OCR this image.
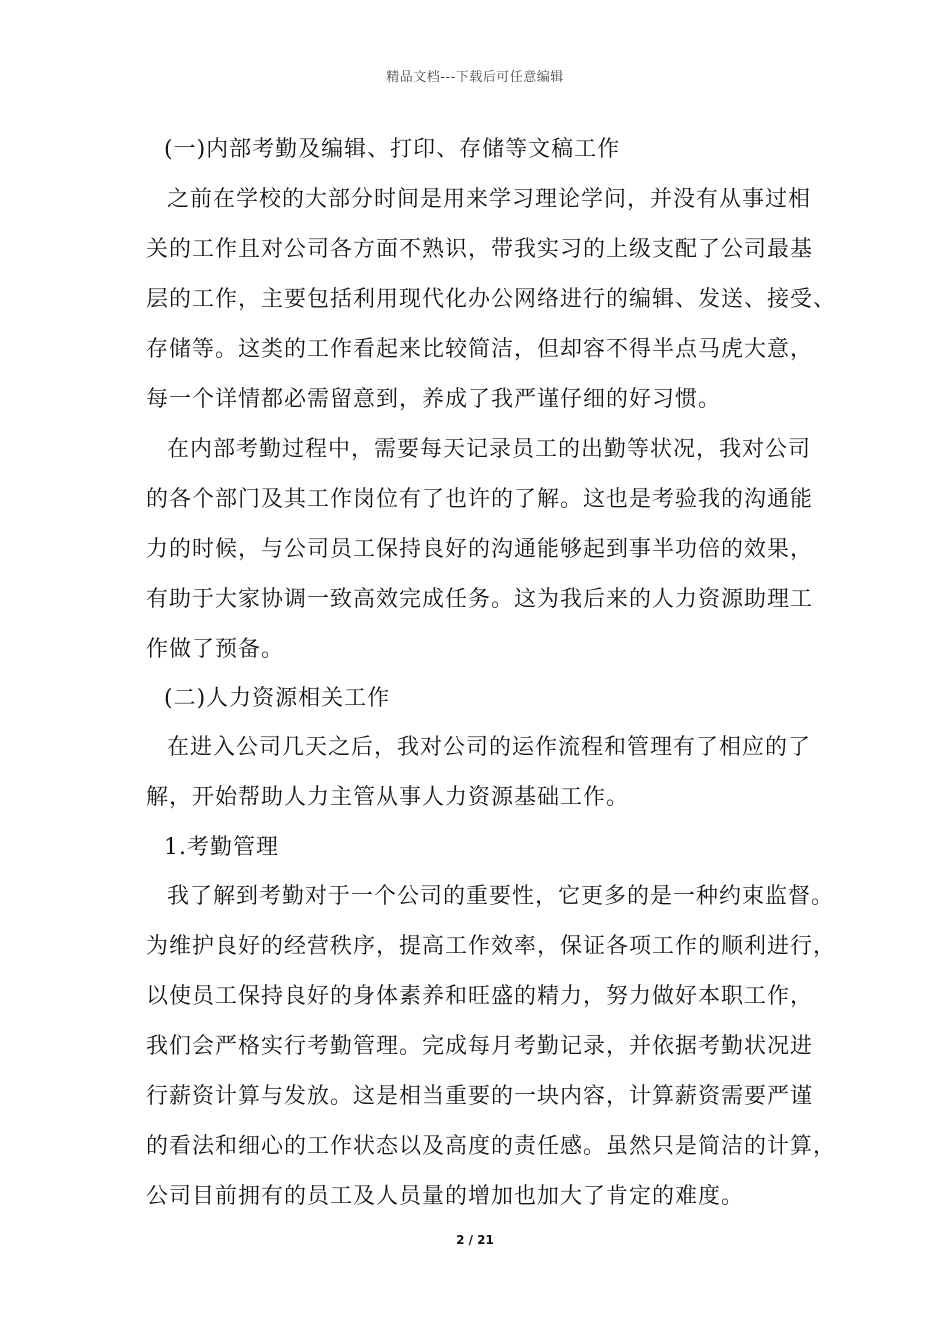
精品文档---下载后可任意编辑
(一)内部考勤及编辑、打印、存储等文稿工作
之前在学校的大部分时间是用来学习理论学问，并没有从事过相
关的工作且对公司各方面不熟识，带我实习的上级支配了公司最基
层的工作，主要包括利用现代化办公网络进行的编辑、发送、接受、
存储等。这类的工作看起来比较简洁，但却容不得半点马虎大意，
每一个详情都必需留意到，养成了我严谨仔细的好习惯。
在内部考勤过程中，需要每天记录员工的出勤等状况，我对公司
的各个部门及其工作岗位有了也许的了解。这也是考验我的沟通能
力的时候，与公司员工保持良好的沟通能够起到事半功倍的效果，
有助于大家协调一致高效完成任务。这为我后来的人力资源助理工
作做了预备。
(二)人力资源相关工作
在进入公司几天之后，我对公司的运作流程和管理有了相应的了
解，开始帮助人力主管从事人力资源基础工作。
1.考勤管理
我了解到考勤对于一个公司的重要性，它更多的是一种约束监督。
为维护良好的经营秩序，提高工作效率，保证各项工作的顺利进行，
以使员工保持良好的身体素养和旺盛的精力，努力做好本职工作，
我们会严格实行考勤管理。完成每月考勤记录，并依据考勤状况进
行薪资计算与发放。这是相当重要的一块内容，计算薪资需要严谨
的看法和细心的工作状态以及高度的责任感。虽然只是简洁的计算，
公司目前拥有的员工及人员量的增加也加大了肯定的难度。
2 / 21
